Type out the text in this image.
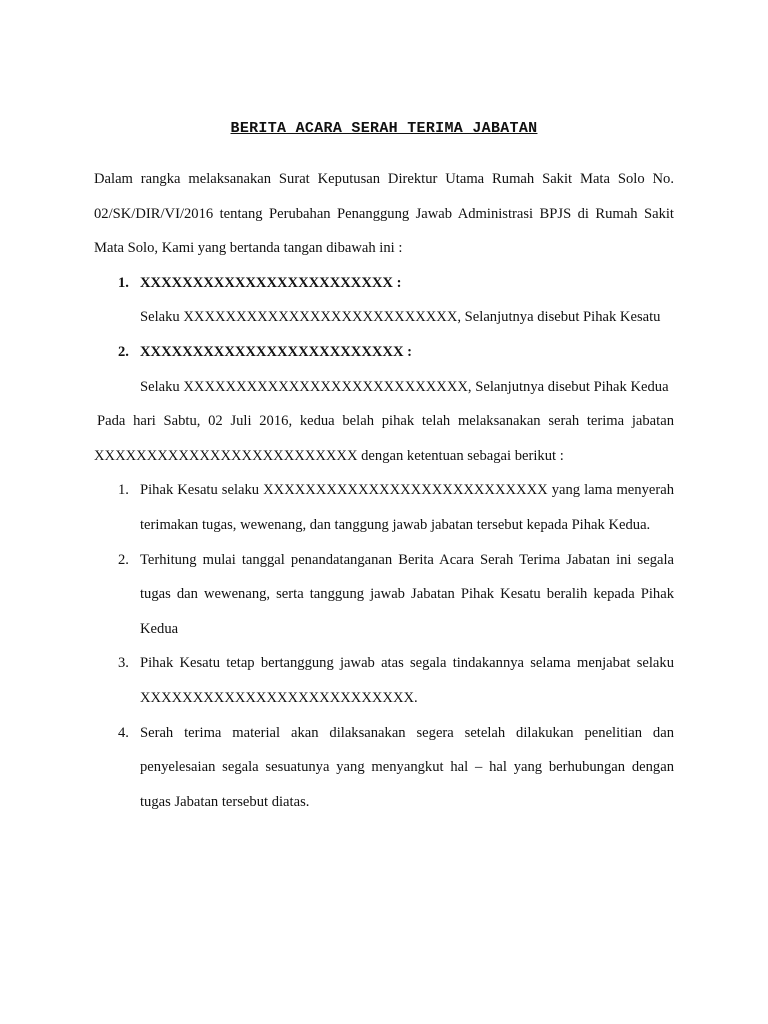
BERITA ACARA SERAH TERIMA JABATAN

Dalam rangka melaksanakan Surat Keputusan Direktur Utama Rumah Sakit Mata Solo No. 02/SK/DIR/VI/2016 tentang Perubahan Penanggung Jawab Administrasi BPJS di Rumah Sakit Mata Solo, Kami yang bertanda tangan dibawah ini :

1. XXXXXXXXXXXXXXXXXXXXXXXX :
Selaku XXXXXXXXXXXXXXXXXXXXXXXXXX, Selanjutnya disebut Pihak Kesatu
2. XXXXXXXXXXXXXXXXXXXXXXXXX :
Selaku XXXXXXXXXXXXXXXXXXXXXXXXXXX, Selanjutnya disebut Pihak Kedua

Pada hari Sabtu, 02 Juli 2016, kedua belah pihak telah melaksanakan serah terima jabatan XXXXXXXXXXXXXXXXXXXXXXXXX dengan ketentuan sebagai berikut :

1. Pihak Kesatu selaku XXXXXXXXXXXXXXXXXXXXXXXXXXX yang lama menyerah terimakan tugas, wewenang, dan tanggung jawab jabatan tersebut kepada Pihak Kedua.

2. Terhitung mulai tanggal penandatanganan Berita Acara Serah Terima Jabatan ini segala tugas dan wewenang, serta tanggung jawab Jabatan Pihak Kesatu beralih kepada Pihak Kedua

3. Pihak Kesatu tetap bertanggung jawab atas segala tindakannya selama menjabat selaku XXXXXXXXXXXXXXXXXXXXXXXXXX.

4. Serah terima material akan dilaksanakan segera setelah dilakukan penelitian dan penyelesaian segala sesuatunya yang menyangkut hal – hal yang berhubungan dengan tugas Jabatan tersebut diatas.
